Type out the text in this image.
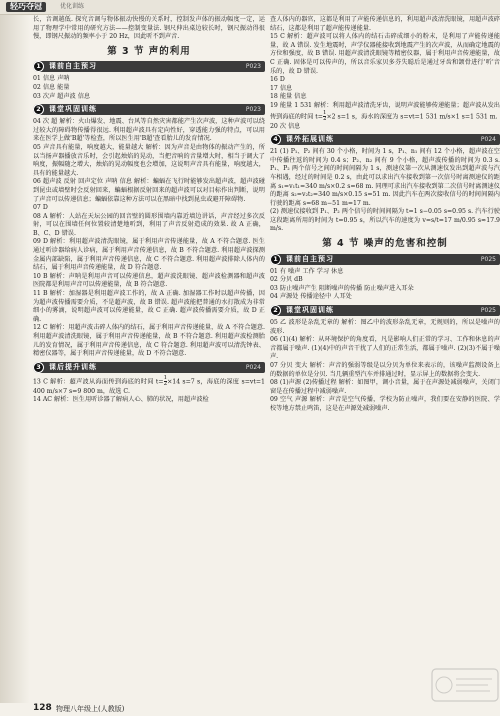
轻巧夺冠	优化训练

长，音调越低. 探究音调与物体振动快慢的关系时，控制发声体的振动幅度一定，运用了物理学中常用的研究方法——控制变量法. 钢尺伸出桌边较长时，钢尺振动得很慢，即钢尺振动的频率小于 20 Hz，因此听不到声音.

第 3 节 声的利用
1	课前自主预习	P023

01 信息 声呐

02 信息 能量

03 次声 超声波 信息

2	课堂巩固训练	P023

04 次 超 解析：火山爆发、地震、台风等自然灾害都能产生次声波，这种声波可以绕过较大的障碍物传播得很远. 利用超声波具有定向性好，穿透能力强的特点，可以用来在医学上做'B超'等检查，所以医生用'B超'查看胎儿的发育情况.

05 声音具有能量，响度越大，能量越大 解析：因为声音是由物体的振动产生的，所以当扬声器播放音乐时，会引起烛焰的晃动，当把音响的音量增大时，相当于调大了响度，振幅随之增大，烛焰的晃动幅度也会增加，这说明声音具有能量，响度越大，具有的能量越大.

06 超声波 反射 回声定位 声呐 信息 解析：蝙蝠在飞行时能够发出超声波，超声波碰到昆虫或墙壁时会反射回来，蝙蝠根据反射回来的超声波可以对目标作出判断，说明了声音可以传递信息；蝙蝠依靠这种方法可以在黑暗中找到昆虫或避开障碍物.

07 D

08 A 解析：人站在天坛公园的回音壁的圆形围墙内靠近墙边讲话，声音经过多次反射，可以在围墙任何位置较清楚地听到，利用了声音反射造成的效果. 故 A 正确，B、C、D 错误.

09 D 解析：利用超声波清洗眼镜，属于利用声音传递能量，故 A 不符合题意. 医生通过听诊器给病人诊病，属于利用声音传递信息，故 B 不符合题意. 利用超声波探测金属内部缺陷，属于利用声音传递信息，故 C 不符合题意. 利用超声波排除人体内的结石，属于利用声音传递能量，故 D 符合题意.

10 B 解析：声呐是利用声音可以传递信息，超声波洗眼镜、超声波检测器和超声波医院都是利用声音可以传递能量，故 B 符合题意.

11 B 解析：加湿器是利用超声波工作的，故 A 正确. 加湿器工作时以超声传播，因为超声波传播需要介质，不是超声波，故 B 错误. 超声波能把普通的水打散成为非常细小的雾滴，说明超声波可以传递能量，故 C 正确. 超声波传播需要介质，故 D 正确.

12 C 解析：用超声波击碎人体内的结石，属于利用声音传递能量，故 A 不符合题意. 利用超声波清洗眼镜，属于利用声音传递能量，故 B 不符合题意. 利用超声波检测胎儿的发育情况，属于利用声音传递信息，故 C 符合题意. 利用超声波可以清洗钟表、精密仪器等，属于利用声音传递能量，故 D 不符合题意.

3	课后提升训练	P024

13 C 解析：超声波从海面传到海底的时间 $t= \frac{1}{2} \times 14$ s=7 s，海底的深度 s=vt=1 400 m/s×7 s=9 800 m，故选 C.

14 AC 解析：医生用听诊器了解病人心、肺的状况，用超声波检

查人体内的器官，这都是利用了声能传递信息的，利用超声波清洗眼镜，用超声波碎结石，这都是利用了超声能传递能量.

15 C 解析：超声波可以将人体内的结石击碎成细小的粉末，是利用了声能传递能量，故 A 错误. 发生地震时，声学仪器能接收到地震产生的次声波，从而确定地震的方位和强度，故 B 错误. 用超声波清洗眼镜等精密仪器，属于利用声音传递能量，故 C 正确. 固体是可以传声的，所以音乐家贝多芬失聪后是通过牙齿和颌骨进行'听'音乐的，故 D 错误.

16 D

17 信息

18 能量 信息

19 能量 1 531 解析：利用超声波清洗牙齿，说明声波能够传递能量；超声波从发出传到海底的时间 $t= \frac{1}{2} \times 2$ s=1 s，海水的深度为 s=vt=1 531 m/s×1 s=1 531 m.

20 次 信息

4	课外拓展训练	P024

21 (1) P₁、P₂ 间有 30 个小格，时间为 1 s，P₁、n₁ 间有 12 个小格，超声波在空中传播往返的时间为 0.4 s；P₂、n₂ 间有 9 个小格，超声波传播的时间为 0.3 s. P₁、P₂ 两个信号之间的时间间隔为 1 s，测速仪第一次从测速仪发出到超声波与汽车相遇，经过的时间是 0.2 s，由此可以求出汽车接收到第一次信号时离测速仪的距离 s₁=v₁t₁=340 m/s×0.2 s=68 m. 同理可求出汽车接收到第二次信号时离测速仪的距离 s₂=v₂t₂=340 m/s×0.15 s=51 m. 因此汽车在两次接收信号的时间间隔内行驶的距离 s=68 m−51 m=17 m.

(2) 测速仪接收到 P₁、P₂ 两个信号的时间间隔为 t=1 s−0.05 s=0.95 s. 汽车行驶这段距离所用的时间为 t=0.95 s，所以汽车的速度为 v=s/t=17 m/0.95 s≈17.9 m/s.

第 4 节 噪声的危害和控制
1	课前自主预习	P025

01 有 噪声 工作 学习 休息

02 分贝 dB

03 防止噪声产生 阻断噪声的传播 防止噪声进入耳朵

04 声源处 传播途径中 人耳处

2	课堂巩固训练	P025

05 乙 波形是杂乱无章的 解析：图乙中的波形杂乱无章，无规则的，所以是噪声的波形.

06 (1)(4) 解析：从环境保护的角度看，凡是影响人们正常的学习、工作和休息的声音都属于噪声. (1)(4)中的声音干扰了人们的正常生活，都属于噪声. (2)(3)不属于噪声.

07 分贝 变大 解析：声音的强弱等级是以分贝为单位来表示的，该噪声监测设备上的数据的单位是分贝. 当几辆重型汽车并排通过时，显示屏上的数据将会变大.

08 (1)声源 (2)传播过程 解析：如图甲，调小音量，属于在声源处减弱噪声，关闭门窗是在传播过程中减弱噪声.

09 空气 声源 解析：声音是空气传播，学校为防止噪声，我们要在安静的医院、学校等地方禁止鸣笛，这是在声源处减弱噪声.

128 物理八年级上(人教版)
